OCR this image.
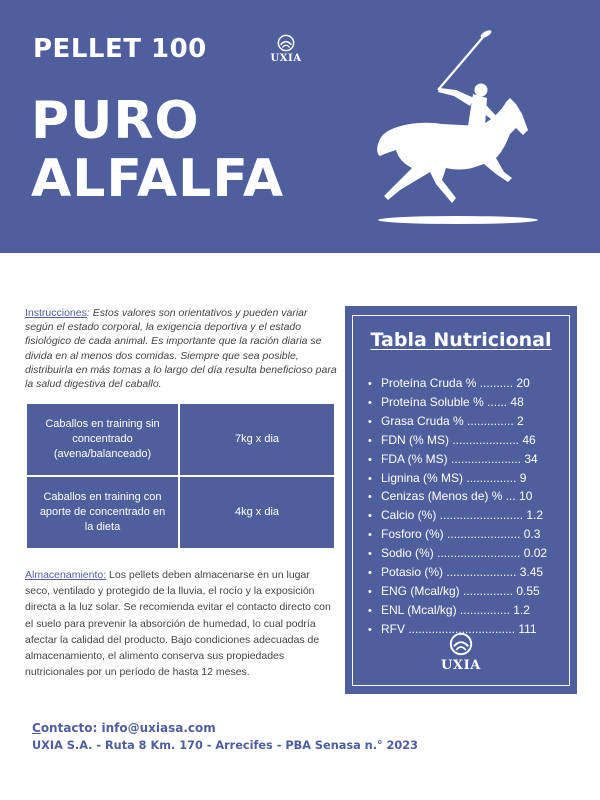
PELLET 100
PURO
ALFALFA
UXIA
Instrucciones: Estos valores son orientativos y pueden variar según el estado corporal, la exigencia deportiva y el estado fisiológico de cada animal. Es importante que la ración diaria se divida en al menos dos comidas. Siempre que sea posible, distribuirla en más tomas a lo largo del día resulta beneficioso para la salud digestiva del caballo.
Caballos en training sin concentrado (avena/balanceado)	7kg x dia
Caballos en training con aporte de concentrado en la dieta	4kg x dia
Almacenamiento: Los pellets deben almacenarse en un lugar seco, ventilado y protegido de la lluvia, el rocío y la exposición directa a la luz solar. Se recomienda evitar el contacto directo con el suelo para prevenir la absorción de humedad, lo cual podría afectar la calidad del producto. Bajo condiciones adecuadas de almacenamiento, el alimento conserva sus propiedades nutricionales por un período de hasta 12 meses.
Tabla Nutricional
• Proteína Cruda % .......... 20
• Proteína Soluble % ...... 48
• Grasa Cruda % .............. 2
• FDN (% MS) .................... 46
• FDA (% MS) ..................... 34
• Lignina (% MS) ............... 9
• Cenizas (Menos de) % ... 10
• Calcio (%) ......................... 1.2
• Fosforo (%) ...................... 0.3
• Sodio (%) ......................... 0.02
• Potasio (%) ..................... 3.45
• ENG (Mcal/kg) ............... 0.55
• ENL (Mcal/kg) ............... 1.2
• RFV ................................ 111
UXIA
Contacto: info@uxiasa.com
UXIA S.A. - Ruta 8 Km. 170 - Arrecifes - PBA Senasa n.° 2023
